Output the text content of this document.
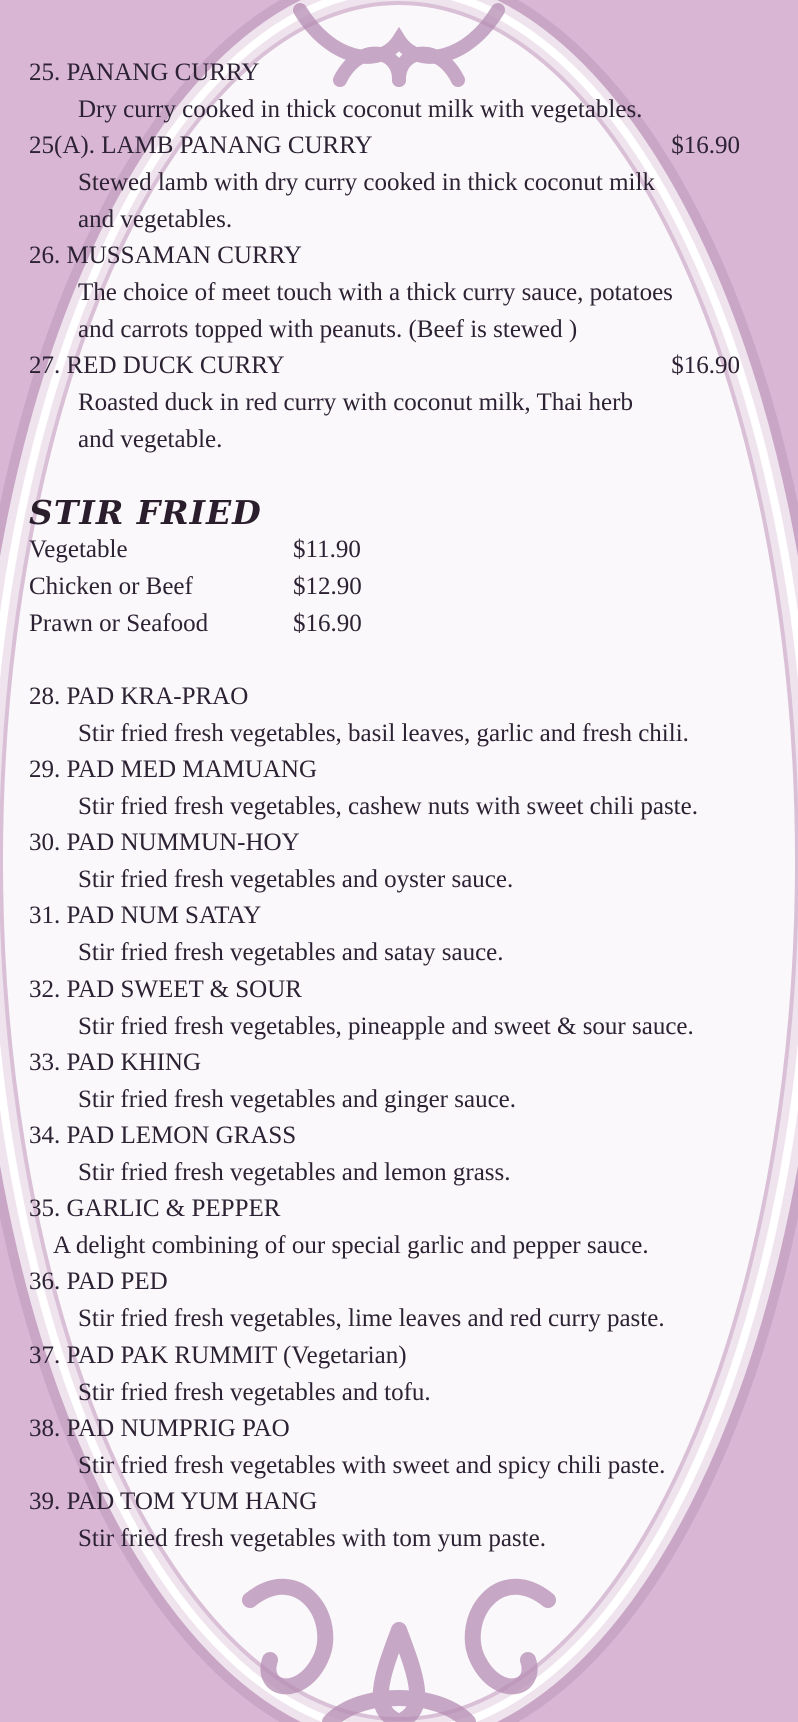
25. PANANG CURRY
Dry curry cooked in thick coconut milk with vegetables.
25(A). LAMB PANANG CURRY	$16.90
Stewed lamb with dry curry cooked in thick coconut milk
and vegetables.
26. MUSSAMAN CURRY
The choice of meet touch with a thick curry sauce, potatoes
and carrots topped with peanuts. (Beef is stewed )
27. RED DUCK CURRY	$16.90
Roasted duck in red curry with coconut milk, Thai herb
and vegetable.
STIR FRIED
Vegetable	$11.90
Chicken or Beef	$12.90
Prawn or Seafood	$16.90
28. PAD KRA-PRAO
Stir fried fresh vegetables, basil leaves, garlic and fresh chili.
29. PAD MED MAMUANG
Stir fried fresh vegetables, cashew nuts with sweet chili paste.
30. PAD NUMMUN-HOY
Stir fried fresh vegetables and oyster sauce.
31. PAD NUM SATAY
Stir fried fresh vegetables and satay sauce.
32. PAD SWEET & SOUR
Stir fried fresh vegetables, pineapple and sweet & sour sauce.
33. PAD KHING
Stir fried fresh vegetables and ginger sauce.
34. PAD LEMON GRASS
Stir fried fresh vegetables and lemon grass.
35. GARLIC & PEPPER
A delight combining of our special garlic and pepper sauce.
36. PAD PED
Stir fried fresh vegetables, lime leaves and red curry paste.
37. PAD PAK RUMMIT (Vegetarian)
Stir fried fresh vegetables and tofu.
38. PAD NUMPRIG PAO
Stir fried fresh vegetables with sweet and spicy chili paste.
39. PAD TOM YUM HANG
Stir fried fresh vegetables with tom yum paste.
